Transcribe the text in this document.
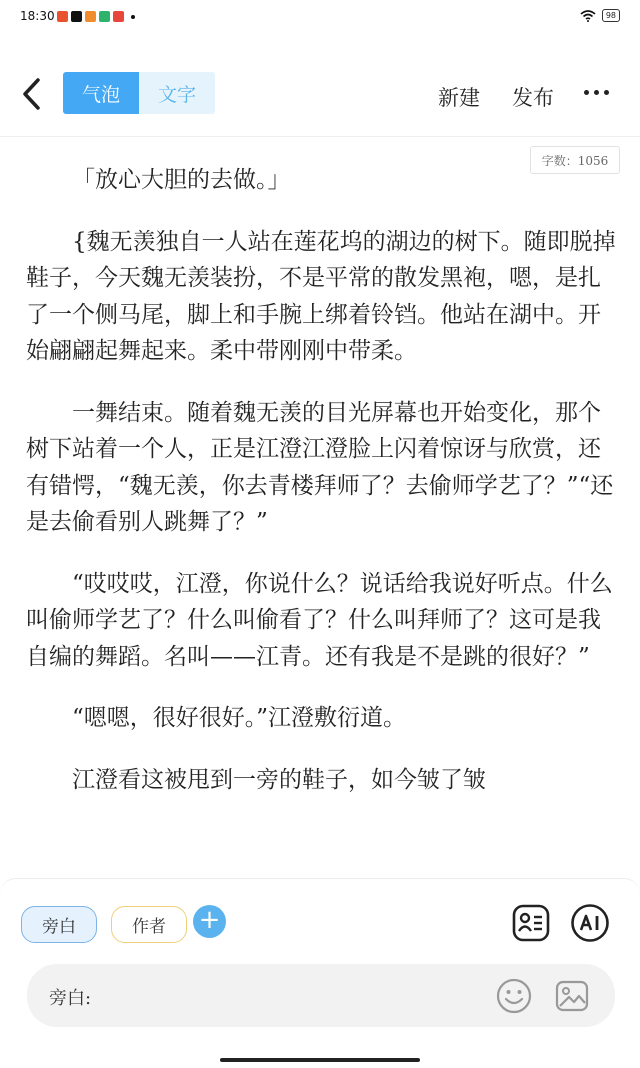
18:30	98
气泡	文字	新建 发布
字数：1056

「放心大胆的去做。」

{魏无羡独自一人站在莲花坞的湖边的树下。随即脱掉鞋子，今天魏无羡装扮，不是平常的散发黑袍，嗯，是扎了一个侧马尾，脚上和手腕上绑着铃铛。他站在湖中。开始翩翩起舞起来。柔中带刚刚中带柔。

一舞结束。随着魏无羡的目光屏幕也开始变化，那个树下站着一个人，正是江澄江澄脸上闪着惊讶与欣赏，还有错愕，“魏无羡，你去青楼拜师了？去偷师学艺了？”“还是去偷看别人跳舞了？”

“哎哎哎，江澄，你说什么？说话给我说好听点。什么叫偷师学艺了？什么叫偷看了？什么叫拜师了？这可是我自编的舞蹈。名叫——江青。还有我是不是跳的很好？”

“嗯嗯，很好很好。”江澄敷衍道。

江澄看这被甩到一旁的鞋子，如今皱了皱

旁白	作者	+
旁白:
